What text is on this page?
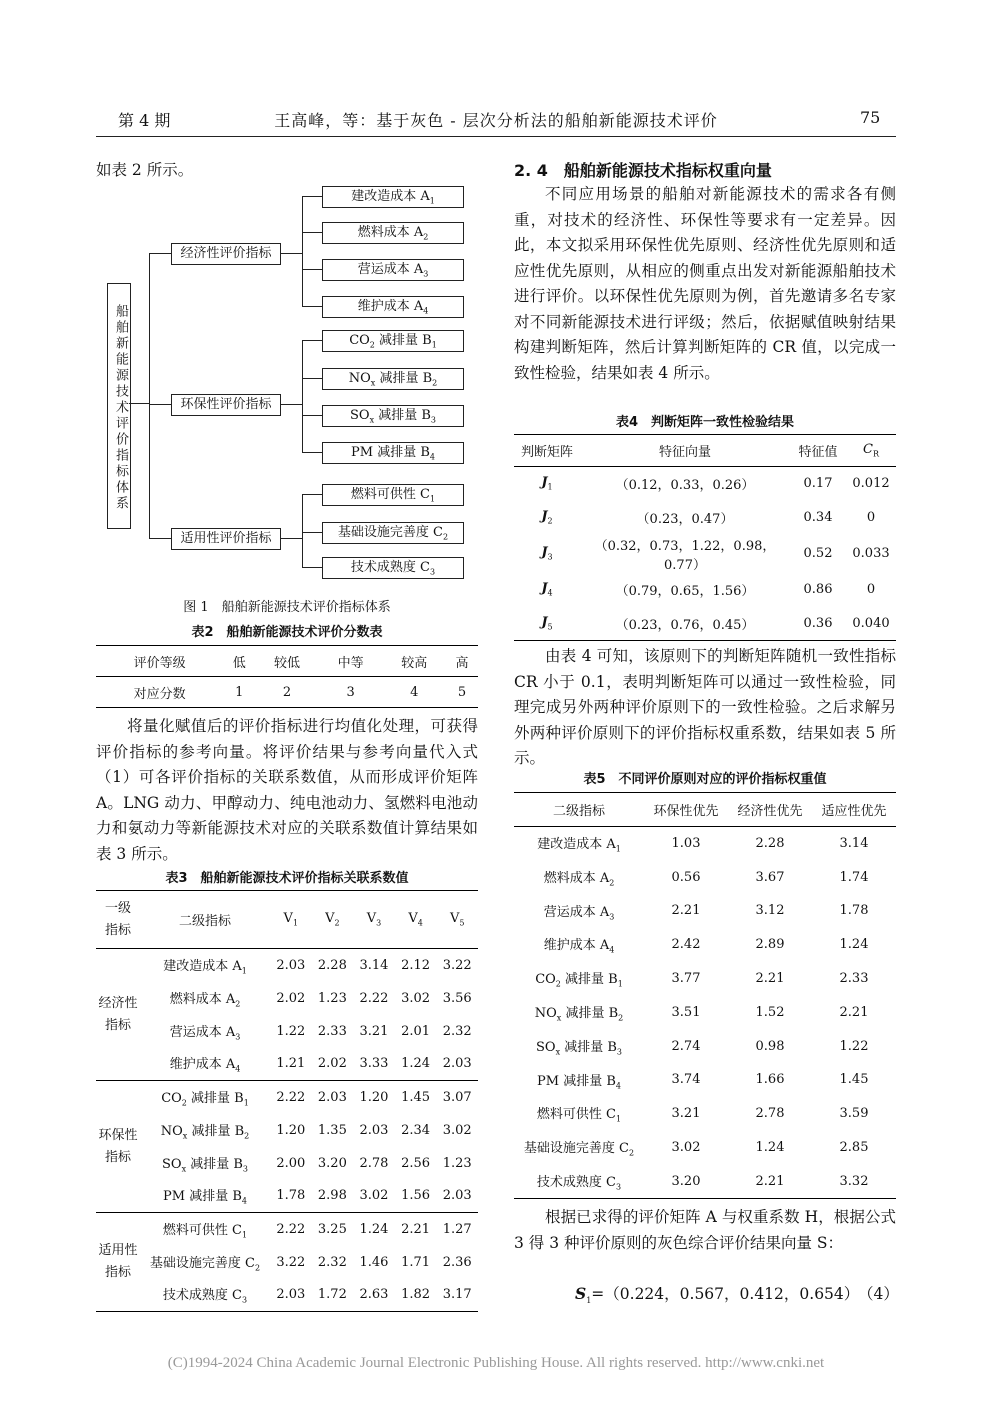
第 4 期	王高峰，等：基于灰色 - 层次分析法的船舶新能源技术评价	75

如表 2 所示。

船舶新能源技术评价指标体系
经济性评价指标
建改造成本 $A_1$
燃料成本 $A_2$
营运成本 $A_3$
维护成本 $A_4$
环保性评价指标
$CO_2$ 减排量 $B_1$
$NO_x$ 减排量 $B_2$
$SO_x$ 减排量 $B_3$
PM 减排量 $B_4$
适用性评价指标
燃料可供性 $C_1$
基础设施完善度 $C_2$
技术成熟度 $C_3$
图 1　船舶新能源技术评价指标体系
表2　船舶新能源技术评价分数表
评价等级	低	较低	中等	较高	高
对应分数	1	2	3	4	5

将量化赋值后的评价指标进行均值化处理，可获得评价指标的参考向量。将评价结果与参考向量代入式（1）可各评价指标的关联系数值，从而形成评价矩阵 A。LNG 动力、甲醇动力、纯电池动力、氢燃料电池动力和氨动力等新能源技术对应的关联系数值计算结果如表 3 所示。

表3　船舶新能源技术评价指标关联系数值
一级
指标	二级指标	$V_1$	$V_2$	$V_3$	$V_4$	$V_5$
经济性
指标	建改造成本 $A_1$	2.03	2.28	3.14	2.12	3.22
	燃料成本 $A_2$	2.02	1.23	2.22	3.02	3.56
	营运成本 $A_3$	1.22	2.33	3.21	2.01	2.32
	维护成本 $A_4$	1.21	2.02	3.33	1.24	2.03
环保性
指标	$CO_2$ 减排量 $B_1$	2.22	2.03	1.20	1.45	3.07
	$NO_x$ 减排量 $B_2$	1.20	1.35	2.03	2.34	3.02
	$SO_x$ 减排量 $B_3$	2.00	3.20	2.78	2.56	1.23
	PM 减排量 $B_4$	1.78	2.98	3.02	1.56	2.03
适用性
指标	燃料可供性 $C_1$	2.22	3.25	1.24	2.21	1.27
	基础设施完善度 $C_2$	3.22	2.32	1.46	1.71	2.36
	技术成熟度 $C_3$	2.03	1.72	2.63	1.82	3.17
2. 4　船舶新能源技术指标权重向量

不同应用场景的船舶对新能源技术的需求各有侧重，对技术的经济性、环保性等要求有一定差异。因此，本文拟采用环保性优先原则、经济性优先原则和适应性优先原则，从相应的侧重点出发对新能源船舶技术进行评价。以环保性优先原则为例，首先邀请多名专家对不同新能源技术进行评级；然后，依据赋值映射结果构建判断矩阵，然后计算判断矩阵的 CR 值，以完成一致性检验，结果如表 4 所示。

表4　判断矩阵一致性检验结果
判断矩阵	特征向量	特征值	$C_R$
$J_1$	（0.12，0.33，0.26）	0.17	0.012
$J_2$	（0.23，0.47）	0.34	0
$J_3$	（0.32，0.73，1.22，0.98，0.77）	0.52	0.033
$J_4$	（0.79，0.65，1.56）	0.86	0
$J_5$	（0.23，0.76，0.45）	0.36	0.040

由表 4 可知，该原则下的判断矩阵随机一致性指标 CR 小于 0.1，表明判断矩阵可以通过一致性检验，同理完成另外两种评价原则下的一致性检验。之后求解另外两种评价原则下的评价指标权重系数，结果如表 5 所示。

表5　不同评价原则对应的评价指标权重值
二级指标	环保性优先	经济性优先	适应性优先
建改造成本 $A_1$	1.03	2.28	3.14
燃料成本 $A_2$	0.56	3.67	1.74
营运成本 $A_3$	2.21	3.12	1.78
维护成本 $A_4$	2.42	2.89	1.24
$CO_2$ 减排量 $B_1$	3.77	2.21	2.33
$NO_x$ 减排量 $B_2$	3.51	1.52	2.21
$SO_x$ 减排量 $B_3$	2.74	0.98	1.22
PM 减排量 $B_4$	3.74	1.66	1.45
燃料可供性 $C_1$	3.21	2.78	3.59
基础设施完善度 $C_2$	3.02	1.24	2.85
技术成熟度 $C_3$	3.20	2.21	3.32

根据已求得的评价矩阵 A 与权重系数 H，根据公式 3 得 3 种评价原则的灰色综合评价结果向量 S：

$S_1=(0.224$，0.567，0.412，0.654）
（4）
(C)1994-2024 China Academic Journal Electronic Publishing House. All rights reserved. http://www.cnki.net
